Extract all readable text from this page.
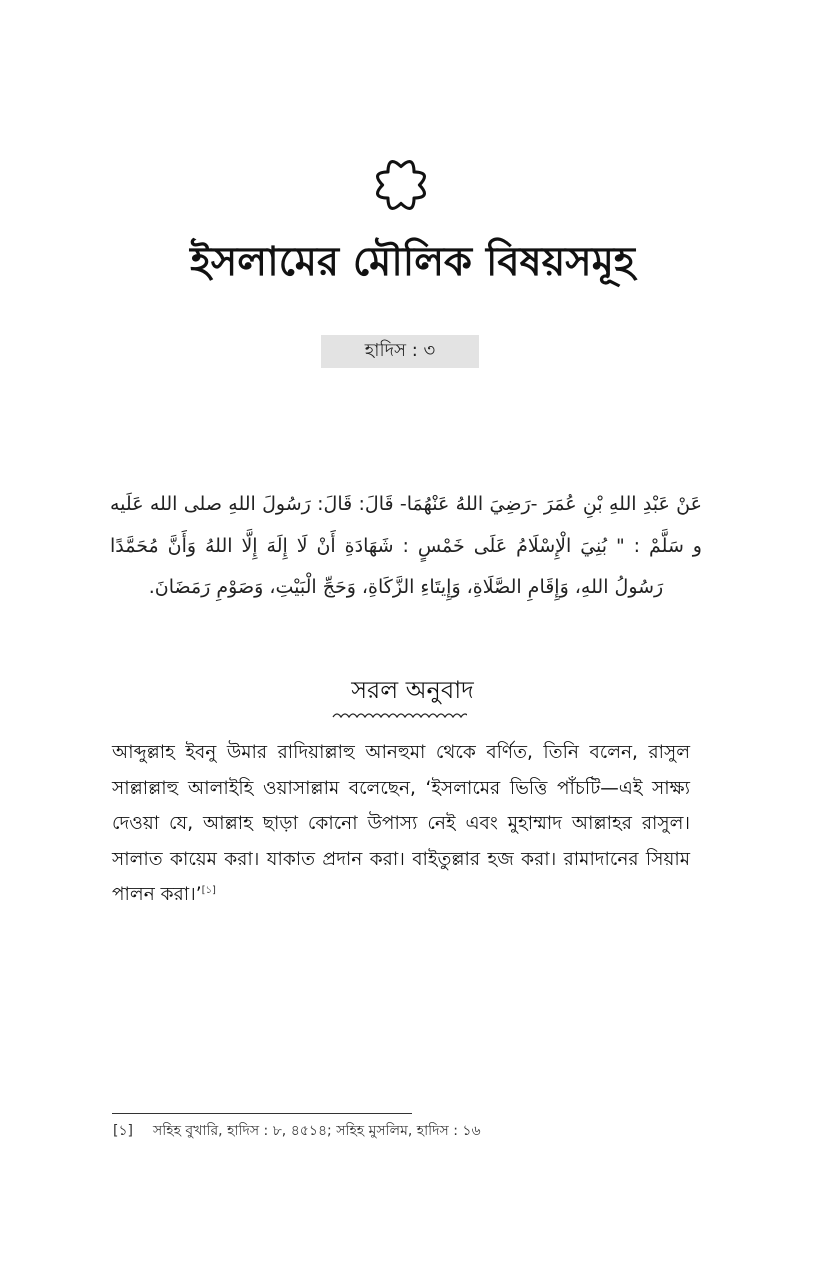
ইসলামের মৌলিক বিষয়সমূহ
হাদিস : ৩
عَنْ عَبْدِ اللهِ بْنِ عُمَرَ -رَضِيَ اللهُ عَنْهُمَا- قَالَ: قَالَ: رَسُولَ اللهِ صلى الله عَلَيه و سَلَّمْ : " بُنِيَ الْإِسْلَامُ عَلَى خَمْسٍ : شَهَادَةِ أَنْ لَا إِلَهَ إِلَّا اللهُ وَأَنَّ مُحَمَّدًا رَسُولُ اللهِ، وَإِقَامِ الصَّلَاةِ، وَإِيتَاءِ الزَّكَاةِ، وَحَجِّ الْبَيْتِ، وَصَوْمِ رَمَضَانَ.
সরল অনুবাদ
আব্দুল্লাহ ইবনু উমার রাদিয়াল্লাহু আনহুমা থেকে বর্ণিত, তিনি বলেন, রাসুল সাল্লাল্লাহু আলাইহি ওয়াসাল্লাম বলেছেন, ‘ইসলামের ভিত্তি পাঁচটি—এই সাক্ষ্য দেওয়া যে, আল্লাহ ছাড়া কোনো উপাস্য নেই এবং মুহাম্মাদ আল্লাহর রাসুল। সালাত কায়েম করা। যাকাত প্রদান করা। বাইতুল্লার হজ করা। রামাদানের সিয়াম পালন করা।’[১]
[১] সহিহ বুখারি, হাদিস : ৮, ৪৫১৪; সহিহ মুসলিম, হাদিস : ১৬
